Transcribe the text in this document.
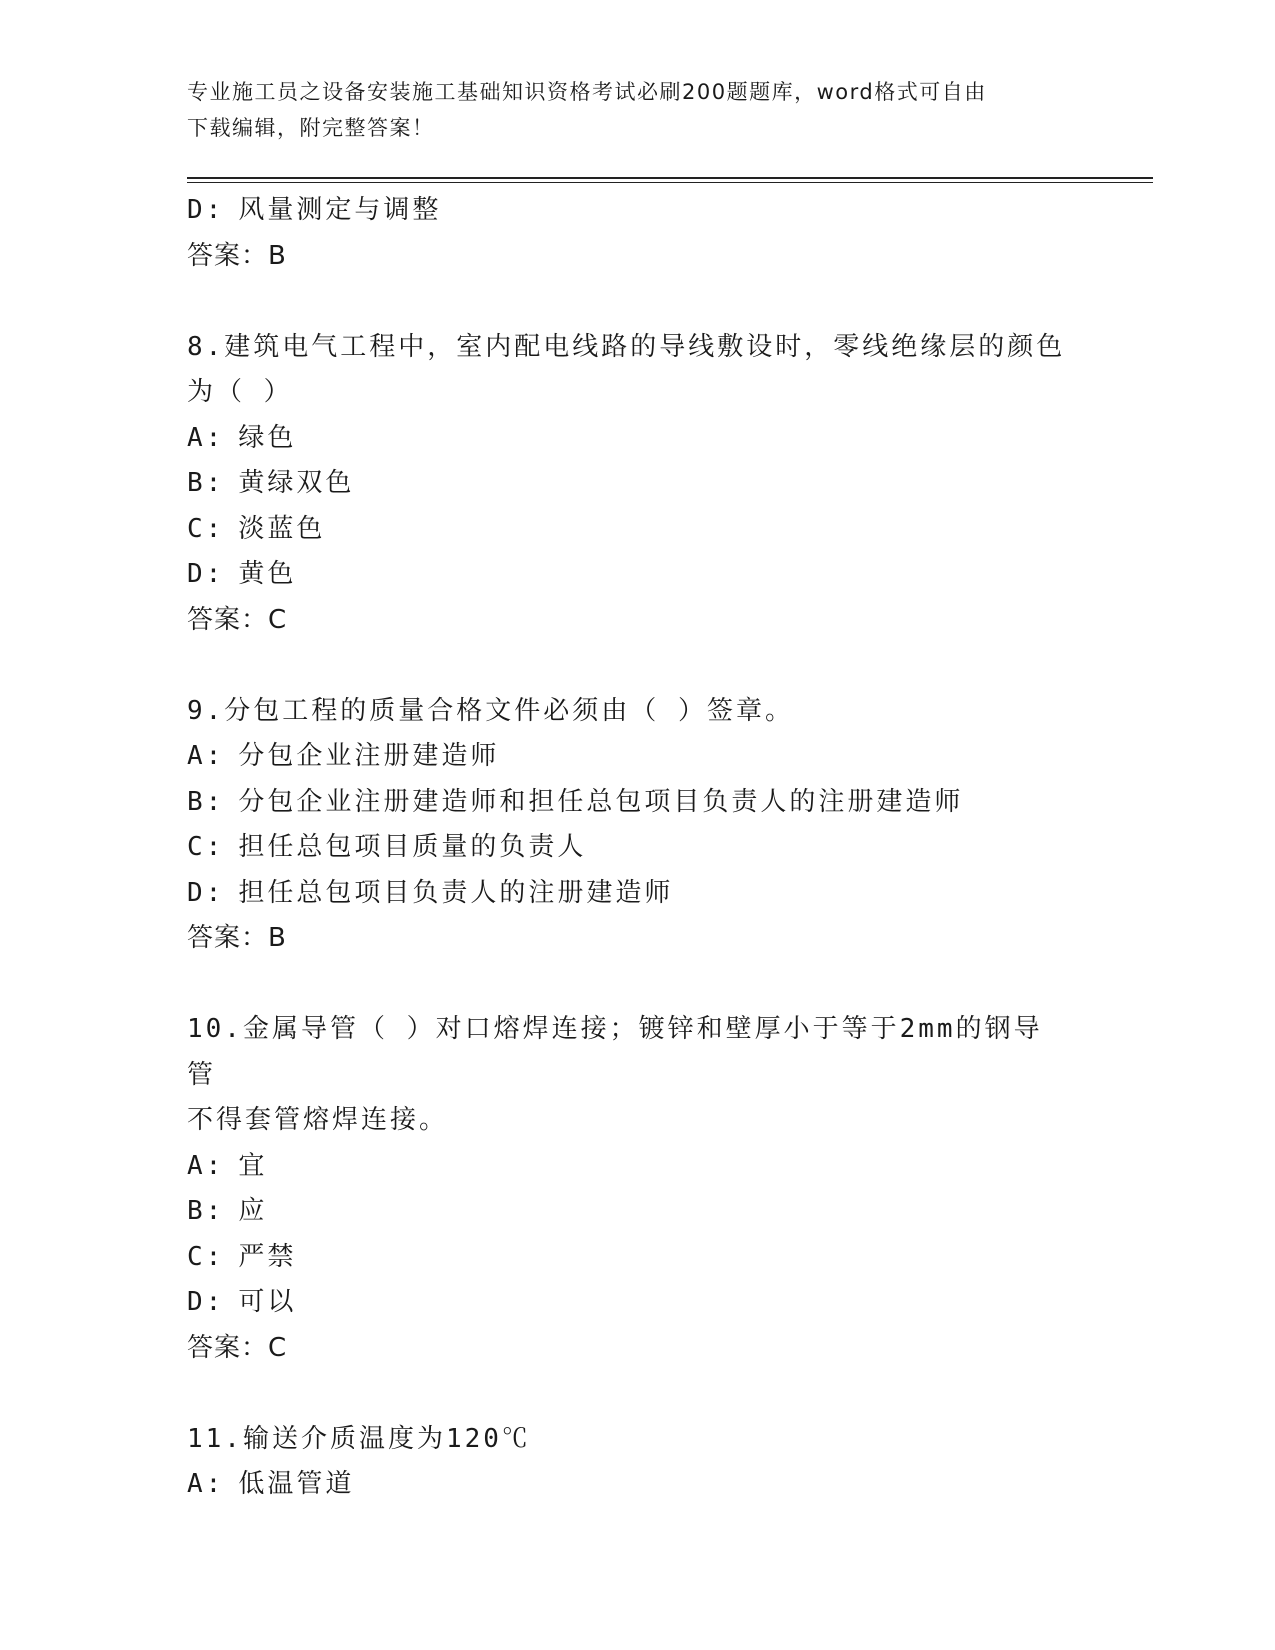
专业施工员之设备安装施工基础知识资格考试必刷200题题库，word格式可自由
下载编辑，附完整答案！
D: 风量测定与调整
答案：B
8.建筑电气工程中，室内配电线路的导线敷设时，零线绝缘层的颜色
为（ ）
A: 绿色
B: 黄绿双色
C: 淡蓝色
D: 黄色
答案：C
9.分包工程的质量合格文件必须由（ ）签章。
A: 分包企业注册建造师
B: 分包企业注册建造师和担任总包项目负责人的注册建造师
C: 担任总包项目质量的负责人
D: 担任总包项目负责人的注册建造师
答案：B
10.金属导管（ ）对口熔焊连接；镀锌和壁厚小于等于2mm的钢导管
不得套管熔焊连接。
A: 宜
B: 应
C: 严禁
D: 可以
答案：C
11.输送介质温度为120℃
A: 低温管道
